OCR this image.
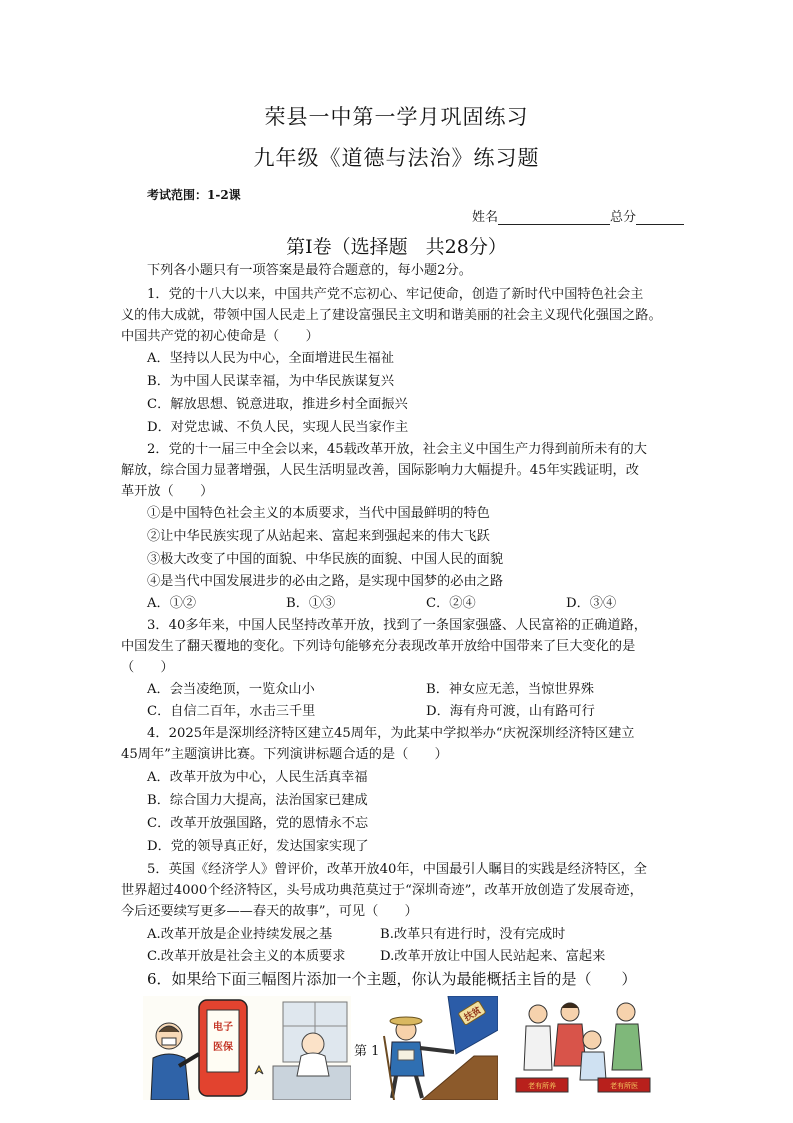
荣县一中第一学月巩固练习
九年级《道德与法治》练习题
考试范围：1-2课
姓名	总分
第Ⅰ卷（选择题 共28分）
下列各小题只有一项答案是最符合题意的，每小题2分。
1．党的十八大以来，中国共产党不忘初心、牢记使命，创造了新时代中国特色社会主
义的伟大成就，带领中国人民走上了建设富强民主文明和谐美丽的社会主义现代化强国之路。
中国共产党的初心使命是（　　）
A．坚持以人民为中心，全面增进民生福祉
B．为中国人民谋幸福，为中华民族谋复兴
C．解放思想、锐意进取，推进乡村全面振兴
D．对党忠诚、不负人民，实现人民当家作主
2．党的十一届三中全会以来，45载改革开放，社会主义中国生产力得到前所未有的大
解放，综合国力显著增强，人民生活明显改善，国际影响力大幅提升。45年实践证明，改
革开放（　　）
①是中国特色社会主义的本质要求，当代中国最鲜明的特色
②让中华民族实现了从站起来、富起来到强起来的伟大飞跃
③极大改变了中国的面貌、中华民族的面貌、中国人民的面貌
④是当代中国发展进步的必由之路，是实现中国梦的必由之路
A．①②	B．①③	C．②④	D．③④
3．40多年来，中国人民坚持改革开放，找到了一条国家强盛、人民富裕的正确道路，
中国发生了翻天覆地的变化。下列诗句能够充分表现改革开放给中国带来了巨大变化的是
（　　）
A．会当凌绝顶，一览众山小	B．神女应无恙，当惊世界殊
C．自信二百年，水击三千里	D．海有舟可渡，山有路可行
4．2025年是深圳经济特区建立45周年，为此某中学拟举办“庆祝深圳经济特区建立
45周年”主题演讲比赛。下列演讲标题合适的是（　　）
A．改革开放为中心，人民生活真幸福
B．综合国力大提高，法治国家已建成
C．改革开放强国路，党的恩情永不忘
D．党的领导真正好，发达国家实现了
5．英国《经济学人》曾评价，改革开放40年，中国最引人瞩目的实践是经济特区，全
世界超过4000个经济特区，头号成功典范莫过于“深圳奇迹”，改革开放创造了发展奇迹，
今后还要续写更多——春天的故事”，可见（　　）
A.改革开放是企业持续发展之基	B.改革只有进行时，没有完成时
C.改革开放是社会主义的本质要求	D.改革开放让中国人民站起来、富起来
6．如果给下面三幅图片添加一个主题，你认为最能概括主旨的是（　　）
电子
医保
扶贫
老有所养	老有所医
第 1
